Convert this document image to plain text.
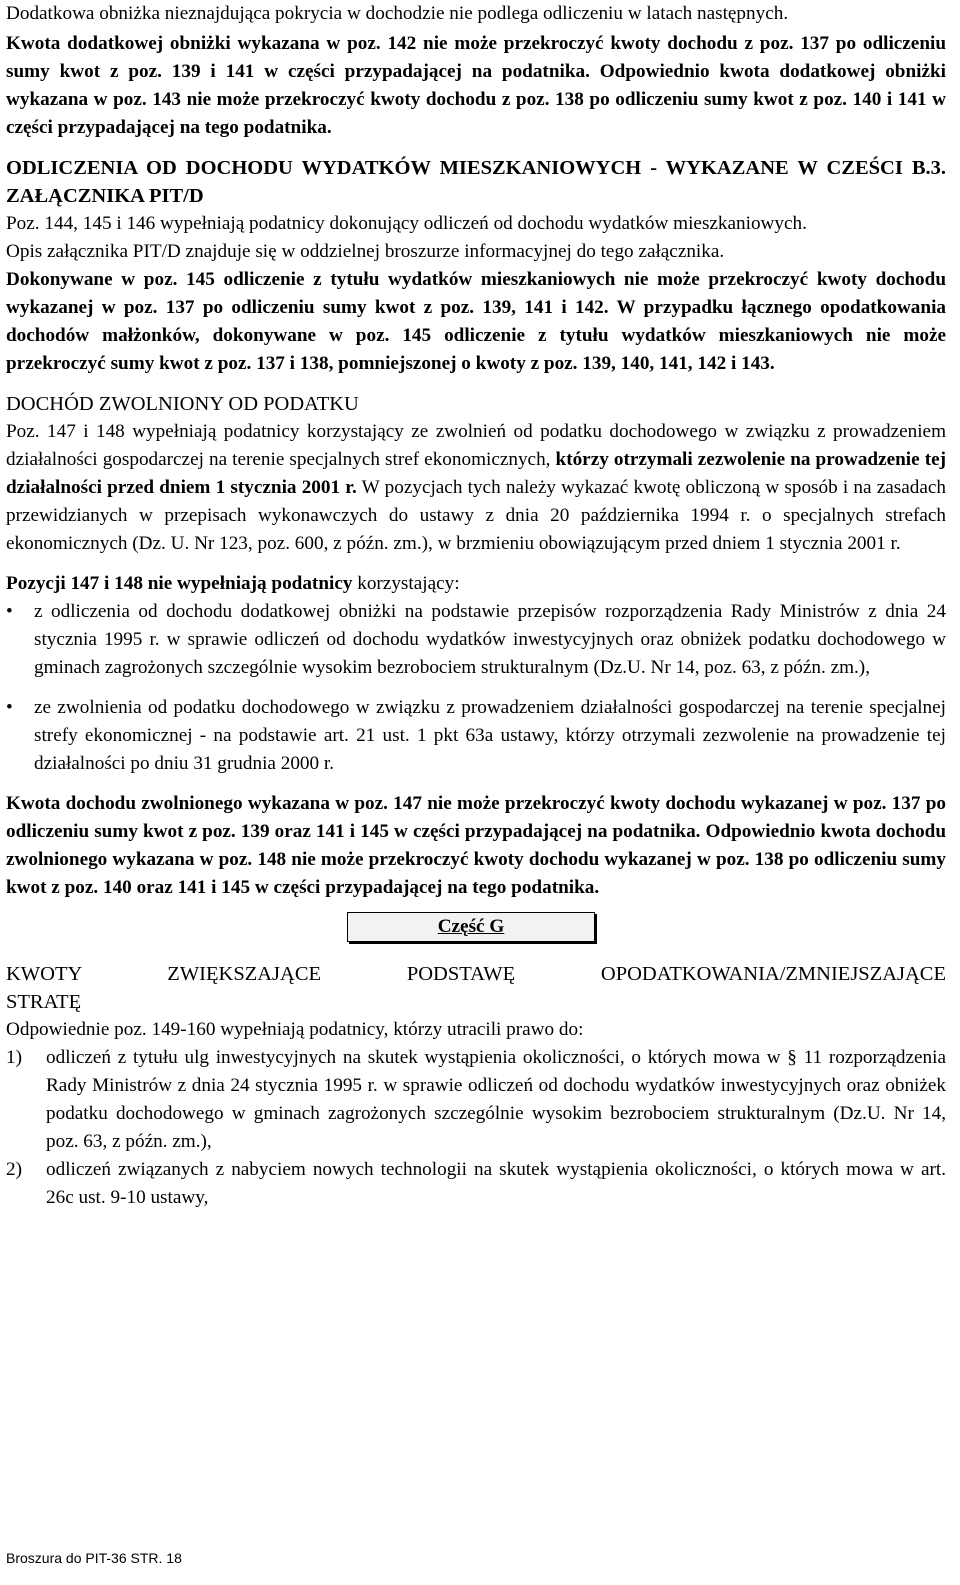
Dodatkowa obniżka nieznajdująca pokrycia w dochodzie nie podlega odliczeniu w latach następnych.

Kwota dodatkowej obniżki wykazana w poz. 142 nie może przekroczyć kwoty dochodu z poz. 137 po odliczeniu sumy kwot z poz. 139 i 141 w części przypadającej na podatnika. Odpowiednio kwota dodatkowej obniżki wykazana w poz. 143 nie może przekroczyć kwoty dochodu z poz. 138 po odliczeniu sumy kwot z poz. 140 i 141 w części przypadającej na tego podatnika.

ODLICZENIA OD DOCHODU WYDATKÓW MIESZKANIOWYCH - WYKAZANE W CZEŚCI B.3. ZAŁĄCZNIKA PIT/D

Poz. 144, 145 i 146 wypełniają podatnicy dokonujący odliczeń od dochodu wydatków mieszkaniowych.

Opis załącznika PIT/D znajduje się w oddzielnej broszurze informacyjnej do tego załącznika.

Dokonywane w poz. 145 odliczenie z tytułu wydatków mieszkaniowych nie może przekroczyć kwoty dochodu wykazanej w poz. 137 po odliczeniu sumy kwot z poz. 139, 141 i 142. W przypadku łącznego opodatkowania dochodów małżonków, dokonywane w poz. 145 odliczenie z tytułu wydatków mieszkaniowych nie może przekroczyć sumy kwot z poz. 137 i 138, pomniejszonej o kwoty z poz. 139, 140, 141, 142 i 143.

DOCHÓD ZWOLNIONY OD PODATKU

Poz. 147 i 148 wypełniają podatnicy korzystający ze zwolnień od podatku dochodowego w związku z prowadzeniem działalności gospodarczej na terenie specjalnych stref ekonomicznych, którzy otrzymali zezwolenie na prowadzenie tej działalności przed dniem 1 stycznia 2001 r. W pozycjach tych należy wykazać kwotę obliczoną w sposób i na zasadach przewidzianych w przepisach wykonawczych do ustawy z dnia 20 października 1994 r. o specjalnych strefach ekonomicznych (Dz. U. Nr 123, poz. 600, z późn. zm.), w brzmieniu obowiązującym przed dniem 1 stycznia 2001 r.

Pozycji 147 i 148 nie wypełniają podatnicy korzystający:

•	z odliczenia od dochodu dodatkowej obniżki na podstawie przepisów rozporządzenia Rady Ministrów z dnia 24 stycznia 1995 r. w sprawie odliczeń od dochodu wydatków inwestycyjnych oraz obniżek podatku dochodowego w gminach zagrożonych szczególnie wysokim bezrobociem strukturalnym (Dz.U. Nr 14, poz. 63, z późn. zm.),
•	ze zwolnienia od podatku dochodowego w związku z prowadzeniem działalności gospodarczej na terenie specjalnej strefy ekonomicznej - na podstawie art. 21 ust. 1 pkt 63a ustawy, którzy otrzymali zezwolenie na prowadzenie tej działalności po dniu 31 grudnia 2000 r.

Kwota dochodu zwolnionego wykazana w poz. 147 nie może przekroczyć kwoty dochodu wykazanej w poz. 137 po odliczeniu sumy kwot z poz. 139 oraz 141 i 145 w części przypadającej na podatnika. Odpowiednio kwota dochodu zwolnionego wykazana w poz. 148 nie może przekroczyć kwoty dochodu wykazanej w poz. 138 po odliczeniu sumy kwot z poz. 140 oraz 141 i 145 w części przypadającej na tego podatnika.

Część G
KWOTY ZWIĘKSZAJĄCE PODSTAWĘ OPODATKOWANIA/ZMNIEJSZAJĄCE STRATĘ

Odpowiednie poz. 149-160 wypełniają podatnicy, którzy utracili prawo do:

1) odliczeń z tytułu ulg inwestycyjnych na skutek wystąpienia okoliczności, o których mowa w § 11 rozporządzenia Rady Ministrów z dnia 24 stycznia 1995 r. w sprawie odliczeń od dochodu wydatków inwestycyjnych oraz obniżek podatku dochodowego w gminach zagrożonych szczególnie wysokim bezrobociem strukturalnym (Dz.U. Nr 14, poz. 63, z późn. zm.),
2) odliczeń związanych z nabyciem nowych technologii na skutek wystąpienia okoliczności, o których mowa w art. 26c ust. 9-10 ustawy,
Broszura do PIT-36 STR. 18
